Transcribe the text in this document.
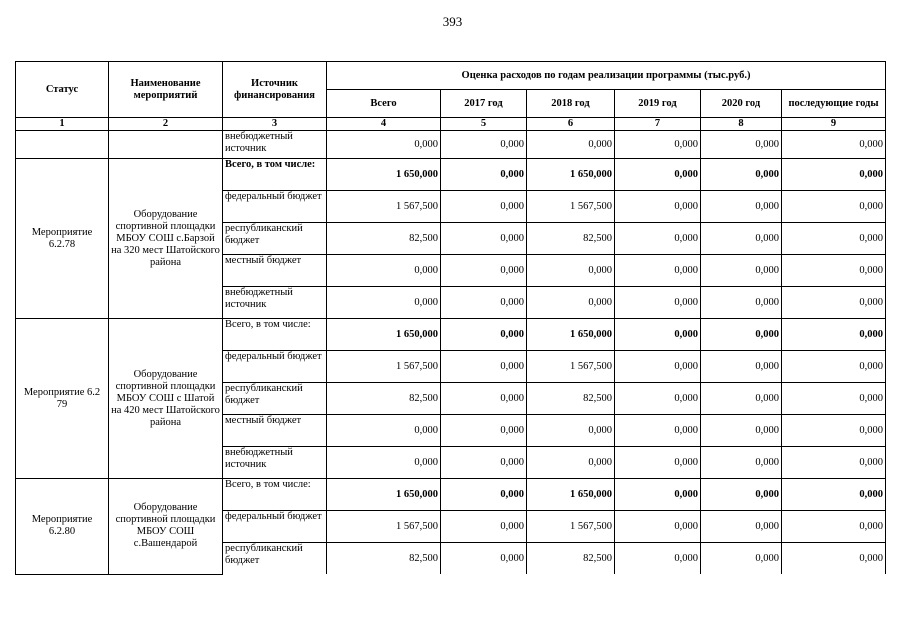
393
Статус	Наименование мероприятий	Источник финансирования	Оценка расходов по годам реализации программы (тыс.руб.)					
			Всего	2017 год	2018 год	2019 год	2020 год	последующие годы
1	2	3	4	5	6	7	8	9
		внебюджетный источник	0,000	0,000	0,000	0,000	0,000	0,000
Мероприятие 6.2.78	Оборудование спортивной площадки МБОУ СОШ с.Барзой на 320 мест Шатойского района	Всего, в том числе:	1 650,000	0,000	1 650,000	0,000	0,000	0,000
		федеральный бюджет	1 567,500	0,000	1 567,500	0,000	0,000	0,000
		республиканский бюджет	82,500	0,000	82,500	0,000	0,000	0,000
		местный бюджет	0,000	0,000	0,000	0,000	0,000	0,000
		внебюджетный источник	0,000	0,000	0,000	0,000	0,000	0,000
Мероприятие 6.2 79	Оборудование спортивной площадки МБОУ СОШ с Шатой на 420 мест Шатойского района	Всего, в том числе:	1 650,000	0,000	1 650,000	0,000	0,000	0,000
		федеральный бюджет	1 567,500	0,000	1 567,500	0,000	0,000	0,000
		республиканский бюджет	82,500	0,000	82,500	0,000	0,000	0,000
		местный бюджет	0,000	0,000	0,000	0,000	0,000	0,000
		внебюджетный источник	0,000	0,000	0,000	0,000	0,000	0,000
Мероприятие 6.2.80	Оборудование спортивной площадки МБОУ СОШ с.Вашендарой	Всего, в том числе:	1 650,000	0,000	1 650,000	0,000	0,000	0,000
		федеральный бюджет	1 567,500	0,000	1 567,500	0,000	0,000	0,000
		республиканский бюджет	82,500	0,000	82,500	0,000	0,000	0,000
